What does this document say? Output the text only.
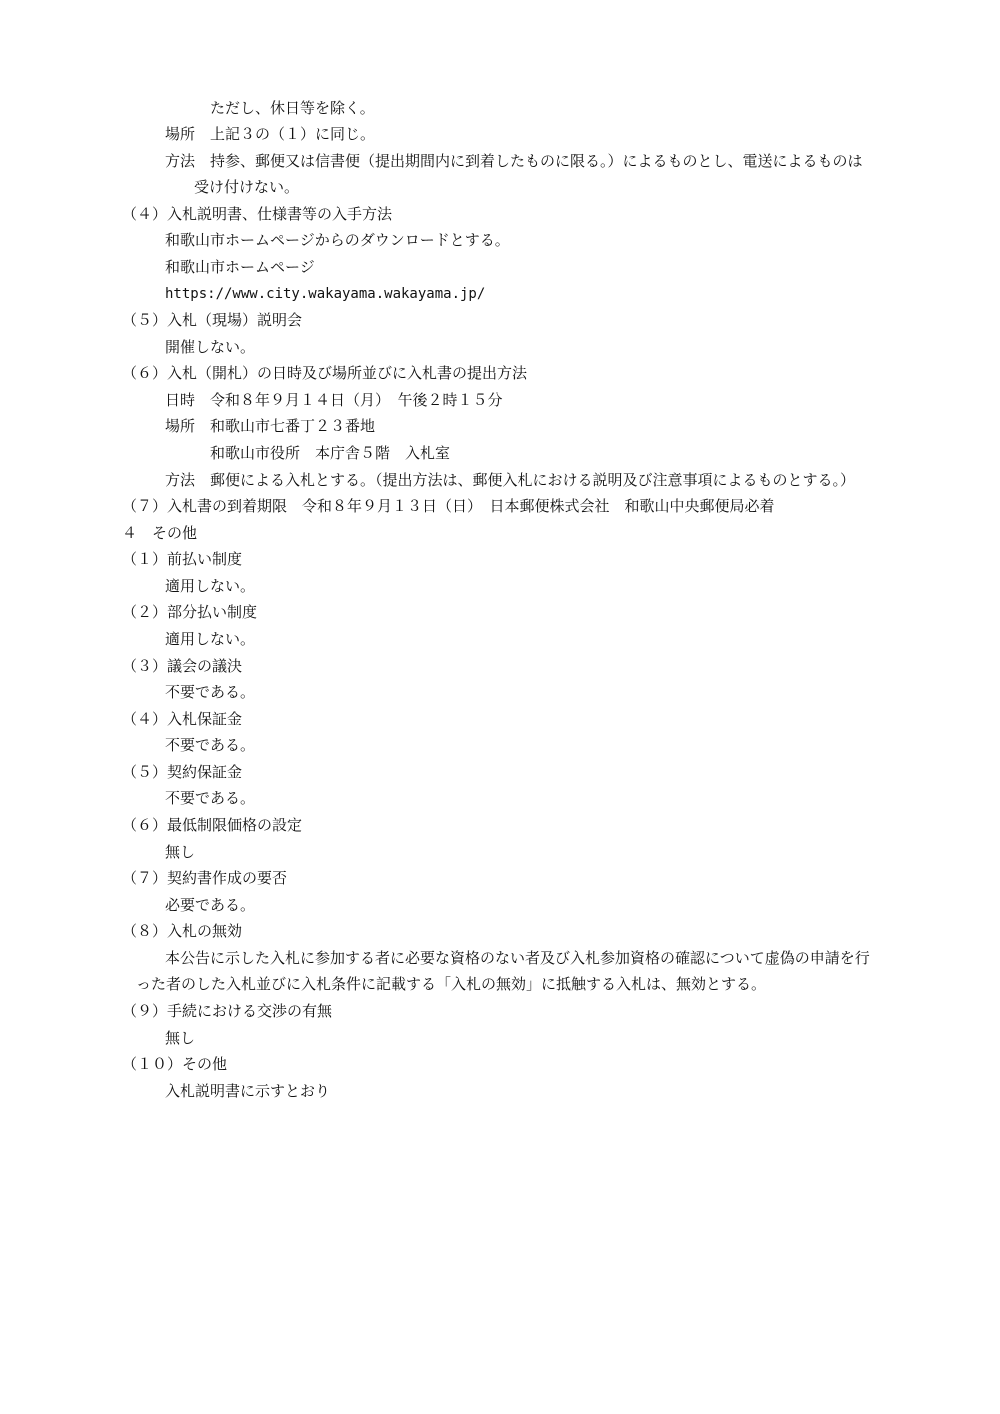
ただし、休日等を除く。
場所　上記３の（１）に同じ。
方法　持参、郵便又は信書便（提出期間内に到着したものに限る。）によるものとし、電送によるものは
受け付けない。
（４）入札説明書、仕様書等の入手方法
和歌山市ホームページからのダウンロードとする。
和歌山市ホームページ
https://www.city.wakayama.wakayama.jp/
（５）入札（現場）説明会
開催しない。
（６）入札（開札）の日時及び場所並びに入札書の提出方法
日時　令和８年９月１４日（月）　午後２時１５分
場所　和歌山市七番丁２３番地
和歌山市役所　本庁舎５階　入札室
方法　郵便による入札とする。（提出方法は、郵便入札における説明及び注意事項によるものとする。）
（７）入札書の到着期限　令和８年９月１３日（日）　日本郵便株式会社　和歌山中央郵便局必着
４　その他
（１）前払い制度
適用しない。
（２）部分払い制度
適用しない。
（３）議会の議決
不要である。
（４）入札保証金
不要である。
（５）契約保証金
不要である。
（６）最低制限価格の設定
無し
（７）契約書作成の要否
必要である。
（８）入札の無効
本公告に示した入札に参加する者に必要な資格のない者及び入札参加資格の確認について虚偽の申請を行
った者のした入札並びに入札条件に記載する「入札の無効」に抵触する入札は、無効とする。
（９）手続における交渉の有無
無し
（１０）その他
入札説明書に示すとおり
